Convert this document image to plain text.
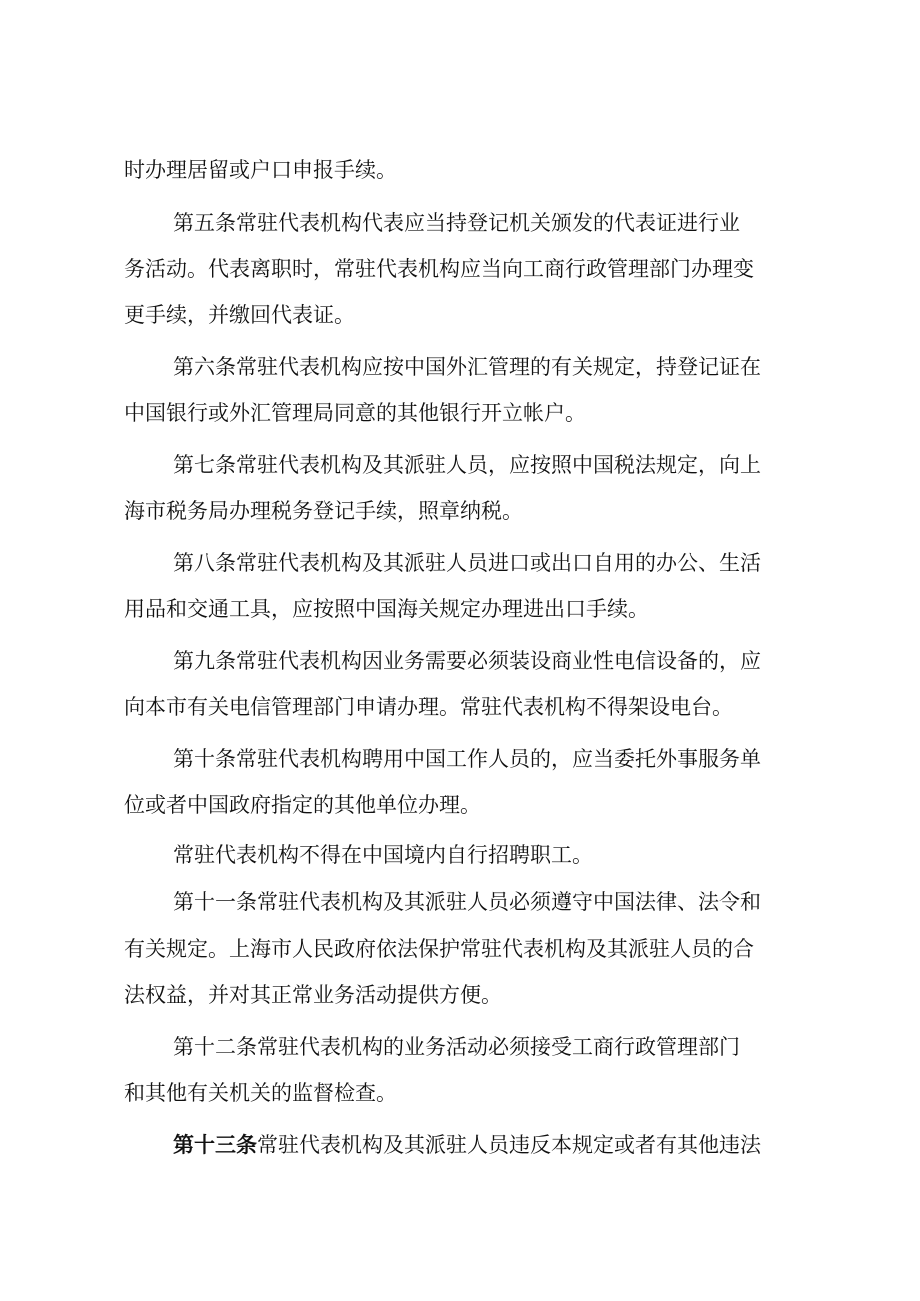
时办理居留或户口申报手续。
第五条常驻代表机构代表应当持登记机关颁发的代表证进行业
务活动。代表离职时，常驻代表机构应当向工商行政管理部门办理变
更手续，并缴回代表证。
第六条常驻代表机构应按中国外汇管理的有关规定，持登记证在
中国银行或外汇管理局同意的其他银行开立帐户。
第七条常驻代表机构及其派驻人员，应按照中国税法规定，向上
海市税务局办理税务登记手续，照章纳税。
第八条常驻代表机构及其派驻人员进口或出口自用的办公、生活
用品和交通工具，应按照中国海关规定办理进出口手续。
第九条常驻代表机构因业务需要必须装设商业性电信设备的，应
向本市有关电信管理部门申请办理。常驻代表机构不得架设电台。
第十条常驻代表机构聘用中国工作人员的，应当委托外事服务单
位或者中国政府指定的其他单位办理。
常驻代表机构不得在中国境内自行招聘职工。
第十一条常驻代表机构及其派驻人员必须遵守中国法律、法令和
有关规定。上海市人民政府依法保护常驻代表机构及其派驻人员的合
法权益，并对其正常业务活动提供方便。
第十二条常驻代表机构的业务活动必须接受工商行政管理部门
和其他有关机关的监督检查。
第十三条 常驻代表机构及其派驻人员违反本规定或者有其他违法
